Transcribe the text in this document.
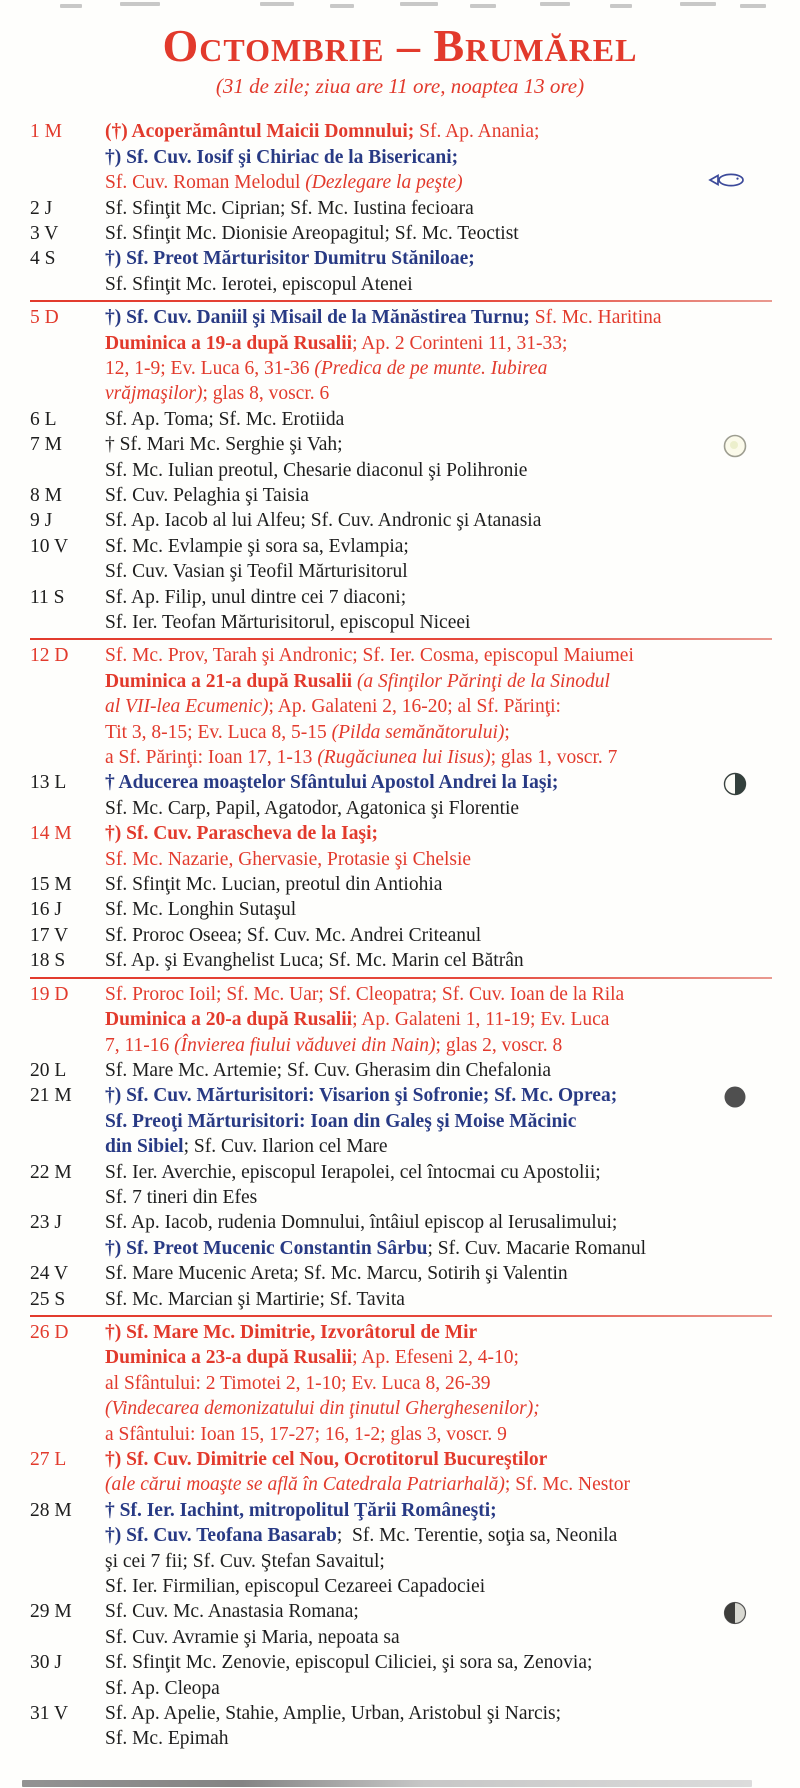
Octombrie – Brumărel
(31 de zile; ziua are 11 ore, noaptea 13 ore)
1 M (†) Acoperământul Maicii Domnului; Sf. Ap. Anania;
†) Sf. Cuv. Iosif şi Chiriac de la Bisericani;
Sf. Cuv. Roman Melodul (Dezlegare la peşte)
2 J	Sf. Sfinţit Mc. Ciprian; Sf. Mc. Iustina fecioara
3 V Sf. Sfinţit Mc. Dionisie Areopagitul; Sf. Mc. Teoctist
4 S	†) Sf. Preot Mărturisitor Dumitru Stăniloae;
Sf. Sfinţit Mc. Ierotei, episcopul Atenei
5 D †) Sf. Cuv. Daniil şi Misail de la Mănăstirea Turnu; Sf. Mc. Haritina
Duminica a 19-a după Rusalii; Ap. 2 Corinteni 11, 31-33;
12, 1-9; Ev. Luca 6, 31-36 (Predica de pe munte. Iubirea
vrăjmaşilor); glas 8, voscr. 6
6 L Sf. Ap. Toma; Sf. Mc. Erotiida
7 M † Sf. Mari Mc. Serghie şi Vah;
Sf. Mc. Iulian preotul, Chesarie diaconul şi Polihronie
8 M Sf. Cuv. Pelaghia şi Taisia
9 J	Sf. Ap. Iacob al lui Alfeu; Sf. Cuv. Andronic şi Atanasia
10 V Sf. Mc. Evlampie şi sora sa, Evlampia;
Sf. Cuv. Vasian şi Teofil Mărturisitorul
11 S Sf. Ap. Filip, unul dintre cei 7 diaconi;
Sf. Ier. Teofan Mărturisitorul, episcopul Niceei
12 D Sf. Mc. Prov, Tarah şi Andronic; Sf. Ier. Cosma, episcopul Maiumei
Duminica a 21-a după Rusalii (a Sfinţilor Părinţi de la Sinodul
al VII-lea Ecumenic); Ap. Galateni 2, 16-20; al Sf. Părinţi:
Tit 3, 8-15; Ev. Luca 8, 5-15 (Pilda semănătorului);
a Sf. Părinţi: Ioan 17, 1-13 (Rugăciunea lui Iisus); glas 1, voscr. 7
13 L † Aducerea moaştelor Sfântului Apostol Andrei la Iaşi;
Sf. Mc. Carp, Papil, Agatodor, Agatonica şi Florentie
14 M †) Sf. Cuv. Parascheva de la Iaşi;
Sf. Mc. Nazarie, Ghervasie, Protasie şi Chelsie
15 M Sf. Sfinţit Mc. Lucian, preotul din Antiohia
16 J Sf. Mc. Longhin Sutaşul
17 V Sf. Proroc Oseea; Sf. Cuv. Mc. Andrei Criteanul
18 S Sf. Ap. şi Evanghelist Luca; Sf. Mc. Marin cel Bătrân
19 D Sf. Proroc Ioil; Sf. Mc. Uar; Sf. Cleopatra; Sf. Cuv. Ioan de la Rila
Duminica a 20-a după Rusalii; Ap. Galateni 1, 11-19; Ev. Luca
7, 11-16 (Învierea fiului văduvei din Nain); glas 2, voscr. 8
20 L Sf. Mare Mc. Artemie; Sf. Cuv. Gherasim din Chefalonia
21 M †) Sf. Cuv. Mărturisitori: Visarion şi Sofronie; Sf. Mc. Oprea;
Sf. Preoţi Mărturisitori: Ioan din Galeş şi Moise Măcinic
din Sibiel; Sf. Cuv. Ilarion cel Mare
22 M Sf. Ier. Averchie, episcopul Ierapolei, cel întocmai cu Apostolii;
Sf. 7 tineri din Efes
23 J Sf. Ap. Iacob, rudenia Domnului, întâiul episcop al Ierusalimului;
†) Sf. Preot Mucenic Constantin Sârbu; Sf. Cuv. Macarie Romanul
24 V Sf. Mare Mucenic Areta; Sf. Mc. Marcu, Sotirih şi Valentin
25 S Sf. Mc. Marcian şi Martirie; Sf. Tavita
26 D †) Sf. Mare Mc. Dimitrie, Izvorâtorul de Mir
Duminica a 23-a după Rusalii; Ap. Efeseni 2, 4-10;
al Sfântului: 2 Timotei 2, 1-10; Ev. Luca 8, 26-39
(Vindecarea demonizatului din ţinutul Gherghesenilor);
a Sfântului: Ioan 15, 17-27; 16, 1-2; glas 3, voscr. 9
27 L †) Sf. Cuv. Dimitrie cel Nou, Ocrotitorul Bucureştilor
(ale cărui moaşte se află în Catedrala Patriarhală); Sf. Mc. Nestor
28 M † Sf. Ier. Iachint, mitropolitul Ţării Româneşti;
†) Sf. Cuv. Teofana Basarab;  Sf. Mc. Terentie, soţia sa, Neonila
şi cei 7 fii; Sf. Cuv. Ştefan Savaitul;
Sf. Ier. Firmilian, episcopul Cezareei Capadociei
29 M Sf. Cuv. Mc. Anastasia Romana;
Sf. Cuv. Avramie şi Maria, nepoata sa
30 J Sf. Sfinţit Mc. Zenovie, episcopul Ciliciei, şi sora sa, Zenovia;
Sf. Ap. Cleopa
31 V Sf. Ap. Apelie, Stahie, Amplie, Urban, Aristobul şi Narcis;
Sf. Mc. Epimah
